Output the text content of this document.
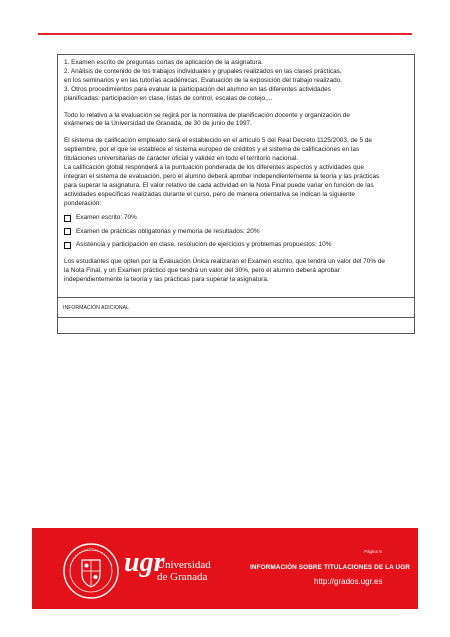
1. Examen escrito de preguntas cortas de aplicación de la asignatura.

2. Análisis de contenido de los trabajos individuales y grupales realizados en las clases prácticas,

en los seminarios y en las tutorías académicas. Evaluación de la exposición del trabajo realizado.

3. Otros procedimientos para evaluar la participación del alumno en las diferentes actividades

planificadas: participación en clase, listas de control, escalas de cotejo,...

Todo lo relativo a la evaluación se regirá por la normativa de planificación docente y organización de

exámenes de la Universidad de Granada, de 30 de junio de 1997.

El sistema de calificación empleado será el establecido en el artículo 5 del Real Decreto 1125/2003, de 5 de

septiembre, por el que se establece el sistema europeo de créditos y el sistema de calificaciones en las

titulaciones universitarias de carácter oficial y validez en todo el territorio nacional.

La calificación global responderá a la puntuación ponderada de los diferentes aspectos y actividades que

integran el sistema de evaluación, pero el alumno deberá aprobar independientemente la teoría y las prácticas

para superar la asignatura. El valor relativo de cada actividad en la Nota Final puede variar en función de las

actividades específicas realizadas durante el curso, pero de manera orientativa se indican la siguiente

ponderación:

Examen escrito: 70%

Examen de prácticas obligatorias y memoria de resultados: 20%

Asistencia y participación en clase, resolución de ejercicios y problemas propuestos: 10%

Los estudiantes que opten por la Evaluación Única realizarán el Examen escrito, que tendrá un valor del 70% de

la Nota Final, y un Examen práctico que tendrá un valor del 30%, pero el alumno deberá aprobar

independientemente la teoría y las prácticas para superar la asignatura.

INFORMACIÓN ADICIONAL
Página 5
ugr
Universidad
de Granada
INFORMACIÓN SOBRE TITULACIONES DE LA UGR
http://grados.ugr.es
